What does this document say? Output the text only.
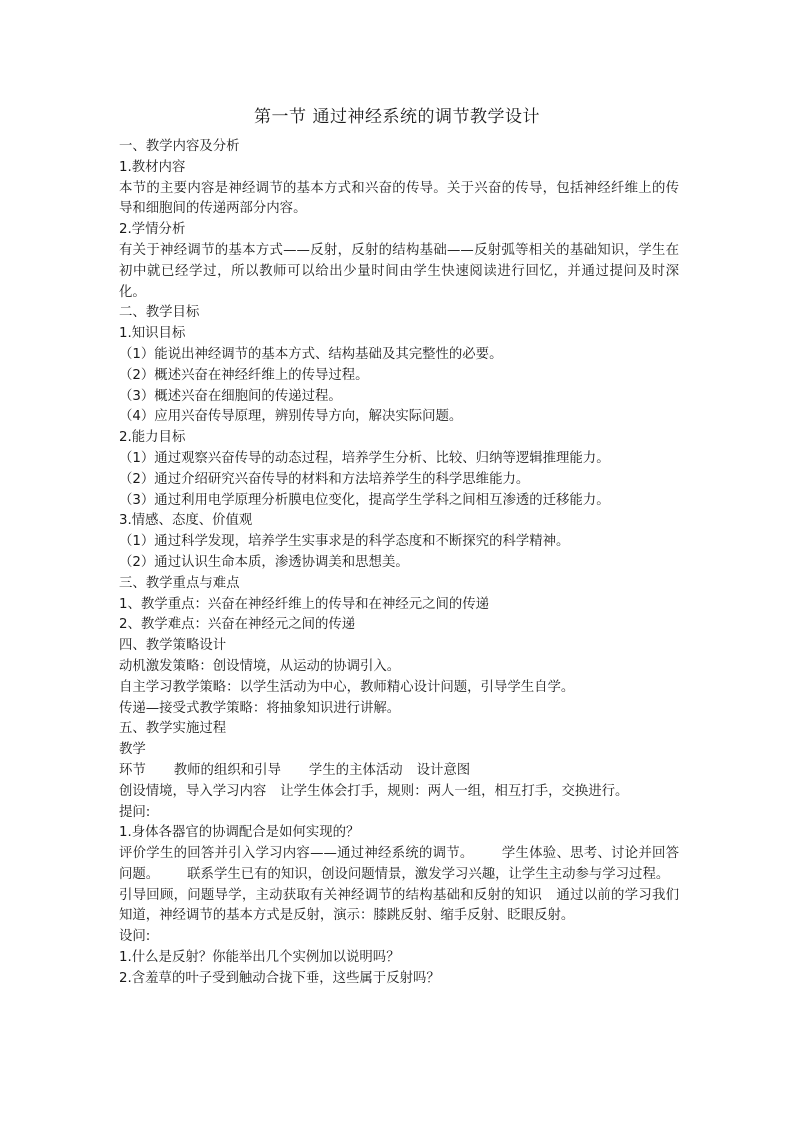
第一节 通过神经系统的调节教学设计
一、教学内容及分析
1.教材内容
本节的主要内容是神经调节的基本方式和兴奋的传导。关于兴奋的传导，包括神经纤维上的传导和细胞间的传递两部分内容。
2.学情分析
有关于神经调节的基本方式——反射，反射的结构基础——反射弧等相关的基础知识，学生在初中就已经学过，所以教师可以给出少量时间由学生快速阅读进行回忆，并通过提问及时深化。
二、教学目标
1.知识目标
（1）能说出神经调节的基本方式、结构基础及其完整性的必要。
（2）概述兴奋在神经纤维上的传导过程。
（3）概述兴奋在细胞间的传递过程。
（4）应用兴奋传导原理，辨别传导方向，解决实际问题。
2.能力目标
（1）通过观察兴奋传导的动态过程，培养学生分析、比较、归纳等逻辑推理能力。
（2）通过介绍研究兴奋传导的材料和方法培养学生的科学思维能力。
（3）通过利用电学原理分析膜电位变化，提高学生学科之间相互渗透的迁移能力。
3.情感、态度、价值观
（1）通过科学发现，培养学生实事求是的科学态度和不断探究的科学精神。
（2）通过认识生命本质，渗透协调美和思想美。
三、教学重点与难点
1、教学重点：兴奋在神经纤维上的传导和在神经元之间的传递
2、教学难点：兴奋在神经元之间的传递
四、教学策略设计
动机激发策略：创设情境，从运动的协调引入。
自主学习教学策略：以学生活动为中心，教师精心设计问题，引导学生自学。
传递—接受式教学策略：将抽象知识进行讲解。
五、教学实施过程
教学
环节 教师的组织和引导 学生的主体活动 设计意图
创设情境，导入学习内容 让学生体会打手，规则：两人一组，相互打手，交换进行。
提问:
1.身体各器官的协调配合是如何实现的？
评价学生的回答并引入学习内容——通过神经系统的调节。 学生体验、思考、讨论并回答问题。 联系学生已有的知识，创设问题情景，激发学习兴趣，让学生主动参与学习过程。
引导回顾，问题导学，主动获取有关神经调节的结构基础和反射的知识 通过以前的学习我们知道，神经调节的基本方式是反射，演示：膝跳反射、缩手反射、眨眼反射。
设问:
1.什么是反射？你能举出几个实例加以说明吗？
2.含羞草的叶子受到触动合拢下垂，这些属于反射吗？
